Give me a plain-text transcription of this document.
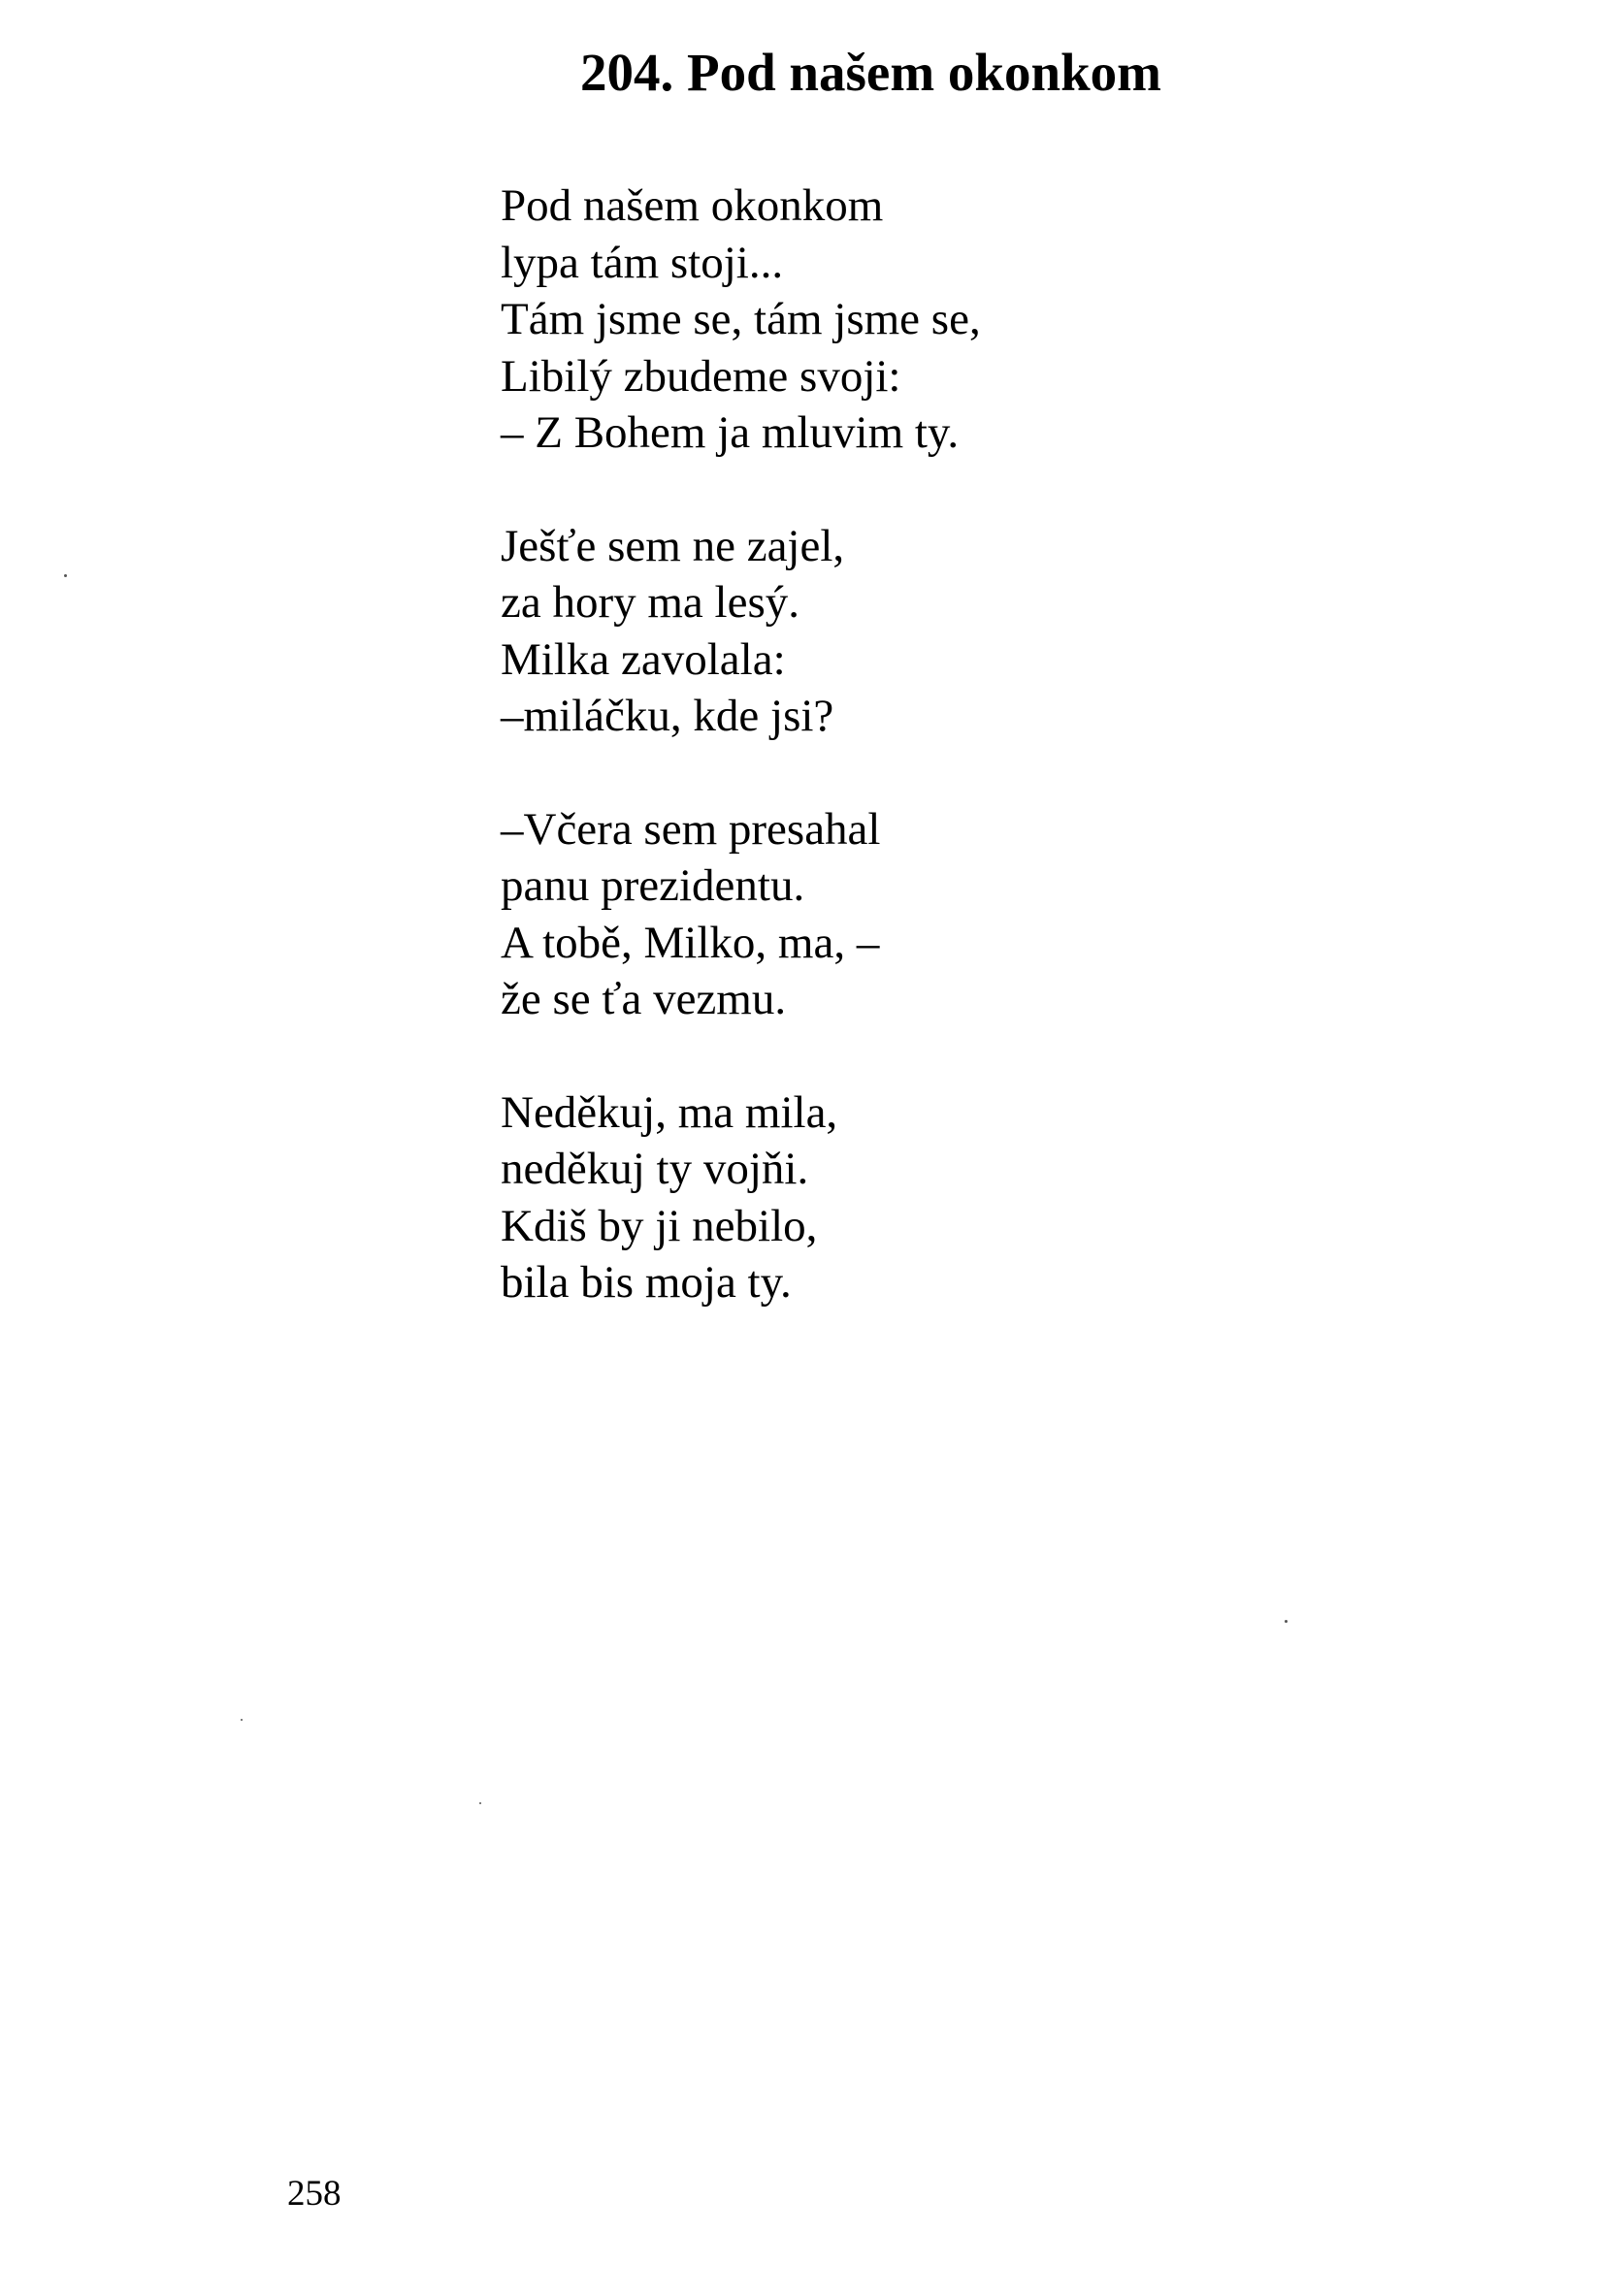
204. Pod našem okonkom
Pod našem okonkom
lypa tám stoji...
Tám jsme se, tám jsme se,
Libilý zbudeme svoji:
– Z Bohem ja mluvim ty.
Ješťe sem ne zajel,
za hory ma lesý.
Milka zavolala:
–miláčku, kde jsi?
–Včera sem presahal
panu prezidentu.
A tobě, Milko, ma, –
že se ťa vezmu.
Neděkuj, ma mila,
neděkuj ty vojňi.
Kdiš by ji nebilo,
bila bis moja ty.
258
